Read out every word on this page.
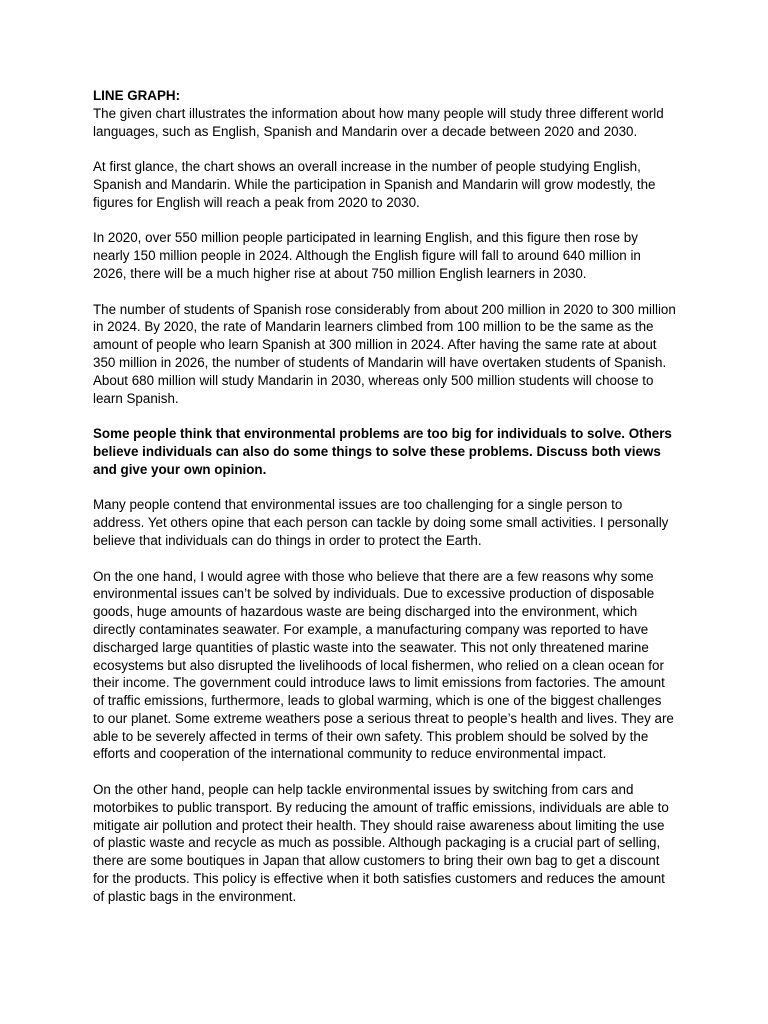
LINE GRAPH:

The given chart illustrates the information about how many people will study three different world languages, such as English, Spanish and Mandarin over a decade between 2020 and 2030.

At first glance, the chart shows an overall increase in the number of people studying English, Spanish and Mandarin. While the participation in Spanish and Mandarin will grow modestly, the figures for English will reach a peak from 2020 to 2030.

In 2020, over 550 million people participated in learning English, and this figure then rose by nearly 150 million people in 2024. Although the English figure will fall to around 640 million in 2026, there will be a much higher rise at about 750 million English learners in 2030.

The number of students of Spanish rose considerably from about 200 million in 2020 to 300 million in 2024. By 2020, the rate of Mandarin learners climbed from 100 million to be the same as the amount of people who learn Spanish at 300 million in 2024. After having the same rate at about 350 million in 2026, the number of students of Mandarin will have overtaken students of Spanish. About 680 million will study Mandarin in 2030, whereas only 500 million students will choose to learn Spanish.

Some people think that environmental problems are too big for individuals to solve. Others believe individuals can also do some things to solve these problems. Discuss both views and give your own opinion.

Many people contend that environmental issues are too challenging for a single person to address. Yet others opine that each person can tackle by doing some small activities. I personally believe that individuals can do things in order to protect the Earth.

On the one hand, I would agree with those who believe that there are a few reasons why some environmental issues can’t be solved by individuals. Due to excessive production of disposable goods, huge amounts of hazardous waste are being discharged into the environment, which directly contaminates seawater. For example, a manufacturing company was reported to have discharged large quantities of plastic waste into the seawater. This not only threatened marine ecosystems but also disrupted the livelihoods of local fishermen, who relied on a clean ocean for their income. The government could introduce laws to limit emissions from factories. The amount of traffic emissions, furthermore, leads to global warming, which is one of the biggest challenges to our planet. Some extreme weathers pose a serious threat to people’s health and lives. They are able to be severely affected in terms of their own safety. This problem should be solved by the efforts and cooperation of the international community to reduce environmental impact.

On the other hand, people can help tackle environmental issues by switching from cars and motorbikes to public transport. By reducing the amount of traffic emissions, individuals are able to mitigate air pollution and protect their health. They should raise awareness about limiting the use of plastic waste and recycle as much as possible. Although packaging is a crucial part of selling, there are some boutiques in Japan that allow customers to bring their own bag to get a discount for the products. This policy is effective when it both satisfies customers and reduces the amount of plastic bags in the environment.
